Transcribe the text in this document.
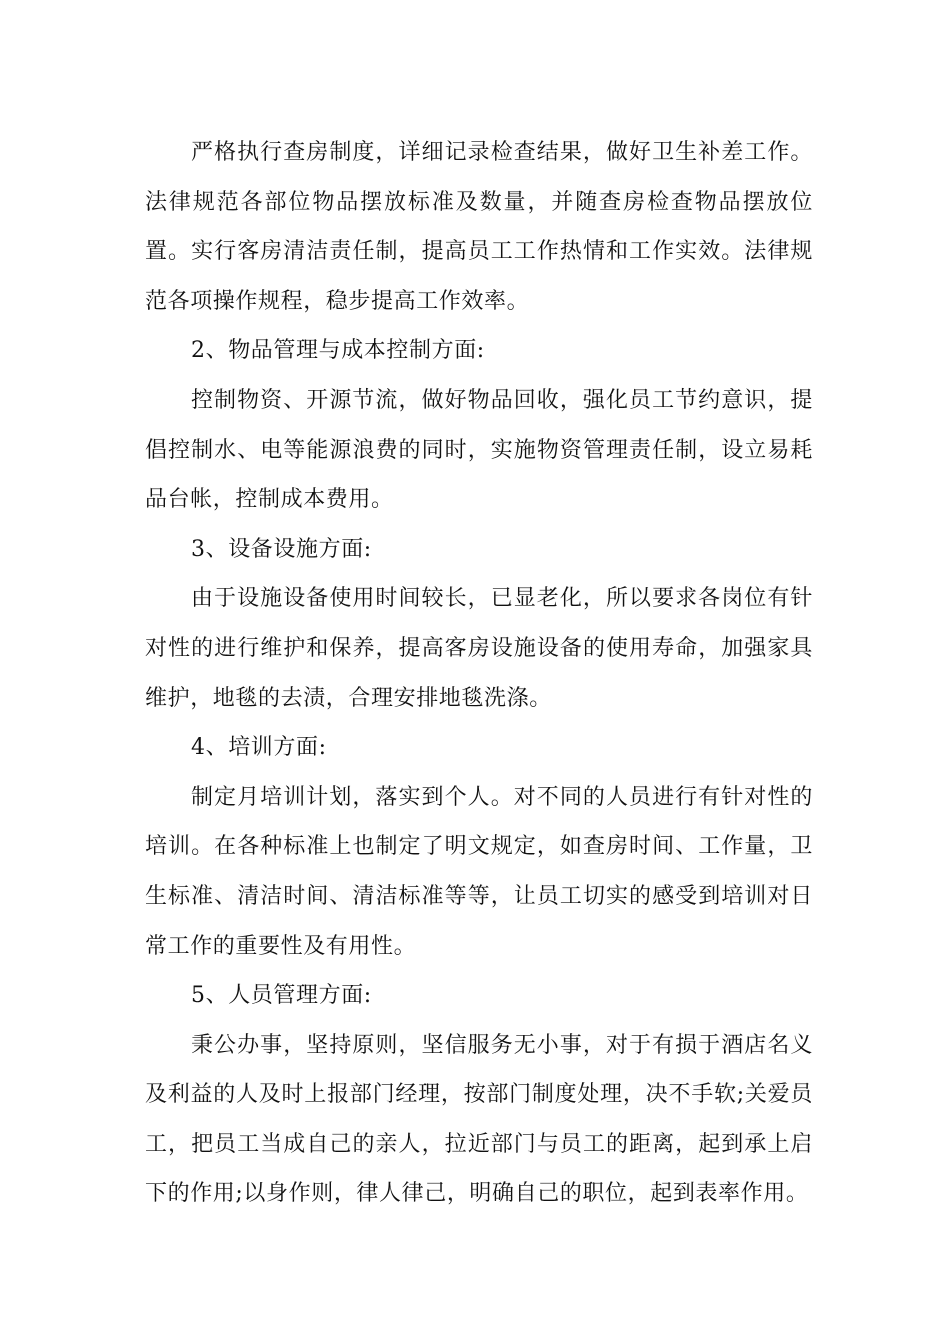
严格执行查房制度，详细记录检查结果，做好卫生补差工作。法律规范各部位物品摆放标准及数量，并随查房检查物品摆放位置。实行客房清洁责任制，提高员工工作热情和工作实效。法律规范各项操作规程，稳步提高工作效率。

2、物品管理与成本控制方面:

控制物资、开源节流，做好物品回收，强化员工节约意识，提倡控制水、电等能源浪费的同时，实施物资管理责任制，设立易耗品台帐，控制成本费用。

3、设备设施方面:

由于设施设备使用时间较长，已显老化，所以要求各岗位有针对性的进行维护和保养，提高客房设施设备的使用寿命，加强家具维护，地毯的去渍，合理安排地毯洗涤。

4、培训方面:

制定月培训计划，落实到个人。对不同的人员进行有针对性的培训。在各种标准上也制定了明文规定，如查房时间、工作量，卫生标准、清洁时间、清洁标准等等，让员工切实的感受到培训对日常工作的重要性及有用性。

5、人员管理方面:

秉公办事，坚持原则，坚信服务无小事，对于有损于酒店名义及利益的人及时上报部门经理，按部门制度处理，决不手软;关爱员工，把员工当成自己的亲人，拉近部门与员工的距离，起到承上启下的作用;以身作则，律人律己，明确自己的职位，起到表率作用。
